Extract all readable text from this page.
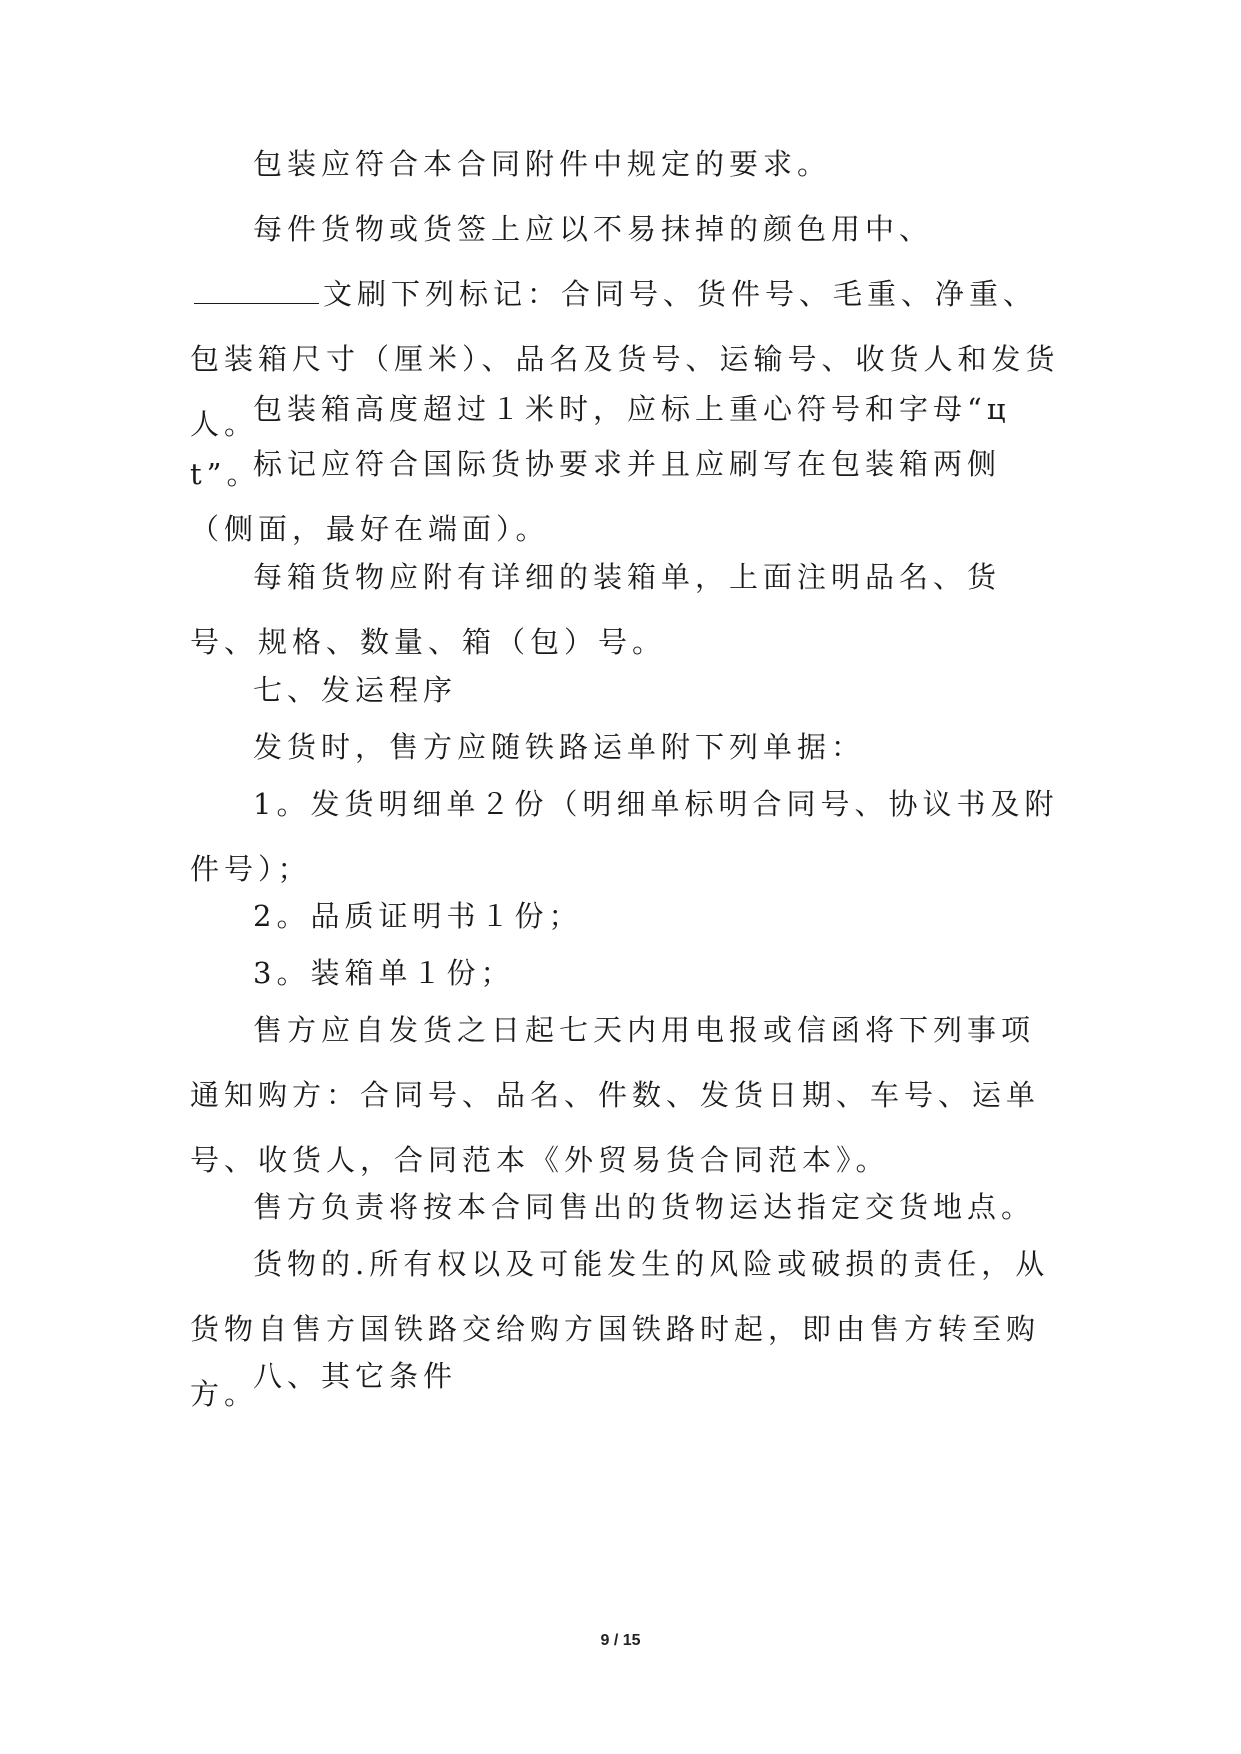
包装应符合本合同附件中规定的要求。

每件货物或货签上应以不易抹掉的颜色用中、文刷下列标记：合同号、货件号、毛重、净重、包装箱尺寸（厘米）、品名及货号、运输号、收货人和发货人。

包装箱高度超过１米时，应标上重心符号和字母“ц t”。

标记应符合国际货协要求并且应刷写在包装箱两侧（侧面，最好在端面）。

每箱货物应附有详细的装箱单，上面注明品名、货号、规格、数量、箱（包）号。

七、发运程序

发货时，售方应随铁路运单附下列单据：

1。发货明细单２份（明细单标明合同号、协议书及附件号）；

2。品质证明书１份；

3。装箱单１份；

售方应自发货之日起七天内用电报或信函将下列事项通知购方：合同号、品名、件数、发货日期、车号、运单号、收货人，合同范本《外贸易货合同范本》。

售方负责将按本合同售出的货物运达指定交货地点。

货物的.所有权以及可能发生的风险或破损的责任，从货物自售方国铁路交给购方国铁路时起，即由售方转至购方。

八、其它条件

9 / 15
